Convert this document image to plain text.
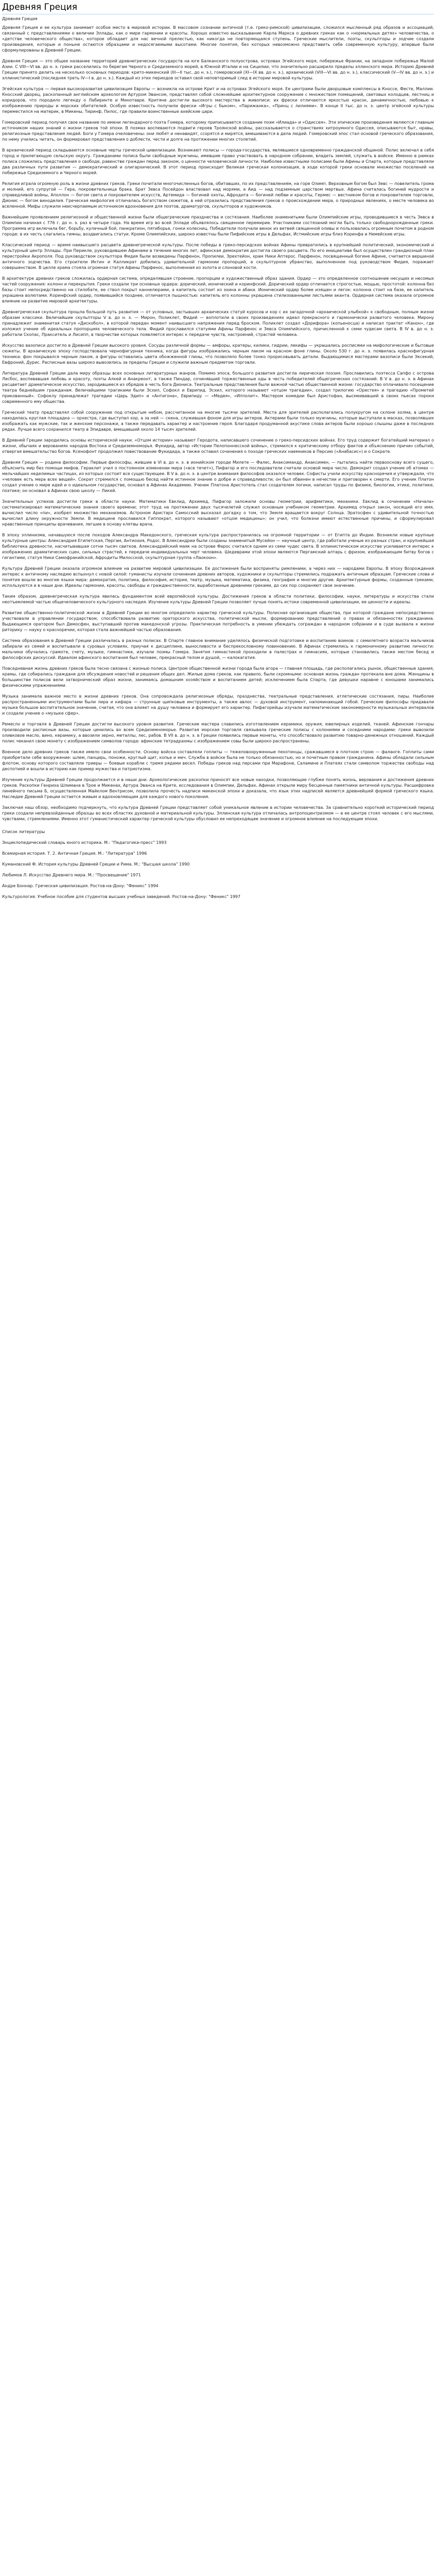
Древняя Греция
Древняя Греция

Древняя Греция и ее культура занимает особое место в мировой истории. В массовом сознании античной (т.е. греко-римской) цивилизации, сложился мысленный ряд образов и ассоциаций, связанный с представлениями о величии Эллады, как о мире гармонии и красоты. Хорошо известно высказывание Карла Маркса о древних греках как о «нормальных детях» человечества, о «детстве человеческого общества», которое обладает для нас вечной прелестью, как никогда не повторяющаяся ступень. Греческие мыслители, поэты, скульпторы и зодчие создали произведения, которые и поныне остаются образцами и недосягаемыми высотами. Многие понятия, без которых невозможно представить себе современную культуру, впервые были сформулированы в Древней Греции.

Древняя Греция — это общее название территорий древнегреческих государств на юге Балканского полуострова, островах Эгейского моря, побережье Фракии, на западном побережье Малой Азии. С VIII—VI вв. до н. э. греки расселились по берегам Черного и Средиземного морей, в Южной Италии и на Сицилии, что значительно расширило пределы эллинского мира. Историю Древней Греции принято делить на несколько основных периодов: крито-микенский (III—II тыс. до н. э.), гомеровский (XI—IX вв. до н. э.), архаический (VIII—VI вв. до н. э.), классический (V—IV вв. до н. э.) и эллинистический (последняя треть IV—I в. до н. э.). Каждый из этих периодов оставил свой неповторимый след в истории мировой культуры.

Эгейская культура — первая высокоразвитая цивилизация Европы — возникла на острове Крит и на островах Эгейского моря. Ее центрами были дворцовые комплексы в Кноссе, Фесте, Маллии. Кносский дворец, раскопанный английским археологом Артуром Эвансом, представлял собой сложнейшее архитектурное сооружение с множеством помещений, световых колодцев, лестниц и коридоров, что породило легенду о Лабиринте и Минотавре. Критяне достигли высокого мастерства в живописи: их фрески отличаются яркостью красок, динамичностью, любовью к изображению природы и морских обитателей. Особую известность получили фрески «Игры с быком», «Парижанка», «Принц с лилиями». В конце II тыс. до н. э. центр эгейской культуры переместился на материк, в Микены, Тиринф, Пилос, где правили воинственные ахейские цари.

Гомеровский период получил свое название по имени легендарного поэта Гомера, которому приписывается создание поэм «Илиада» и «Одиссея». Эти эпические произведения являются главным источником наших знаний о жизни греков той эпохи. В поэмах воспеваются подвиги героев Троянской войны, рассказывается о странствиях хитроумного Одиссея, описываются быт, нравы, религиозные представления людей. Боги у Гомера очеловечены: они любят и ненавидят, ссорятся и мирятся, вмешиваются в дела людей. Гомеровский эпос стал основой греческого образования, по нему учились читать, он формировал представления о доблести, чести и долге на протяжении многих столетий.

В архаический период складываются основные черты греческой цивилизации. Возникают полисы — города-государства, являвшиеся одновременно гражданской общиной. Полис включал в себя город и прилегающую сельскую округу. Гражданами полиса были свободные мужчины, имевшие право участвовать в народном собрании, владеть землей, служить в войске. Именно в рамках полиса сложились представления о свободе, равенстве граждан перед законом, о ценности человеческой личности. Наиболее известными полисами были Афины и Спарта, которые представляли два различных пути развития — демократический и олигархический. В этот период происходит Великая греческая колонизация, в ходе которой греки основали множество поселений на побережье Средиземного и Черного морей.

Религия играла огромную роль в жизни древних греков. Греки почитали многочисленных богов, обитавших, по их представлениям, на горе Олимп. Верховным богом был Зевс — повелитель грома и молний, его супругой — Гера, покровительница брака. Брат Зевса Посейдон властвовал над морями, а Аид — над подземным царством мертвых. Афина считалась богиней мудрости и справедливой войны, Аполлон — богом света и покровителем искусств, Артемида — богиней охоты, Афродита — богиней любви и красоты, Гермес — вестником богов и покровителем торговли, Дионис — богом виноделия. Греческая мифология отличалась богатством сюжетов, в ней отразились представления греков о происхождении мира, о природных явлениях, о месте человека во вселенной. Мифы служили неисчерпаемым источником вдохновения для поэтов, драматургов, скульпторов и художников.

Важнейшим проявлением религиозной и общественной жизни были общегреческие празднества и состязания. Наиболее знаменитыми были Олимпийские игры, проводившиеся в честь Зевса в Олимпии начиная с 776 г. до н. э. раз в четыре года. На время игр во всей Элладе объявлялось священное перемирие. Участниками состязаний могли быть только свободнорожденные греки. Программа игр включала бег, борьбу, кулачный бой, панкратион, пятиборье, гонки колесниц. Победители получали венок из ветвей священной оливы и пользовались огромным почетом в родном городе: в их честь слагались гимны, воздвигались статуи. Кроме Олимпийских, широко известны были Пифийские игры в Дельфах, Истмийские игры близ Коринфа и Немейские игры.

Классический период — время наивысшего расцвета древнегреческой культуры. После победы в греко-персидских войнах Афины превратились в крупнейший политический, экономический и культурный центр Эллады. При Перикле, руководившем Афинами в течение многих лет, афинская демократия достигла своего расцвета. По его инициативе был осуществлен грандиозный план перестройки Акрополя. Под руководством скульптора Фидия были возведены Парфенон, Пропилеи, Эрехтейон, храм Ники Аптерос. Парфенон, посвященный богине Афине, считается вершиной античного зодчества. Его строители Иктин и Калликрат добились удивительной гармонии пропорций, а скульптурное убранство, выполненное под руководством Фидия, поражает совершенством. В целле храма стояла огромная статуя Афины Парфенос, выполненная из золота и слоновой кости.

В архитектуре древних греков сложилась ордерная система, определявшая строение, пропорции и художественный образ здания. Ордер — это определенное соотношение несущих и несомых частей сооружения: колонн и перекрытия. Греки создали три основных ордера: дорический, ионический и коринфский. Дорический ордер отличается строгостью, мощью, простотой: колонна без базы стоит непосредственно на стилобате, ее ствол покрыт каннелюрами, а капитель состоит из эхина и абаки. Ионический ордер более изящен и легок: колонна стоит на базе, ее капитель украшена волютами. Коринфский ордер, появившийся позднее, отличается пышностью: капитель его колонны украшена стилизованными листьями аканта. Ордерная система оказала огромное влияние на развитие мировой архитектуры.

Древнегреческая скульптура прошла большой путь развития — от условных, застывших архаических статуй куросов и кор с их загадочной «архаической улыбкой» к свободным, полным жизни образам классики. Величайшие скульпторы V в. до н. э. — Мирон, Поликлет, Фидий — воплотили в своих произведениях идеал прекрасного и гармонически развитого человека. Мирону принадлежит знаменитая статуя «Дискобол», в которой передан момент наивысшего напряжения перед броском. Поликлет создал «Дорифора» (копьеносца) и написал трактат «Канон», где изложил учение об идеальных пропорциях человеческого тела. Фидий прославился статуями Афины Парфенос и Зевса Олимпийского, причисленной к семи чудесам света. В IV в. до н. э. работали Скопас, Пракситель и Лисипп, в творчестве которых появляется интерес к передаче чувств, настроений, страстей человека.

Искусство вазописи достигло в Древней Греции высокого уровня. Сосуды различной формы — амфоры, кратеры, килики, гидрии, лекифы — украшались росписями на мифологические и бытовые сюжеты. В архаическую эпоху господствовала чернофигурная техника, когда фигуры изображались черным лаком на красном фоне глины. Около 530 г. до н. э. появилась краснофигурная техника: фон покрывался черным лаком, а фигуры оставались цвета обожженной глины, что позволяло более тонко прорисовывать детали. Выдающимися мастерами вазописи были Эксекий, Евфроний, Дурис. Расписные вазы широко вывозились за пределы Греции и служили важным предметом торговли.

Литература Древней Греции дала миру образцы всех основных литературных жанров. Помимо эпоса, большого развития достигла лирическая поэзия. Прославились поэтесса Сапфо с острова Лесбос, воспевавшая любовь и красоту, поэты Алкей и Анакреонт, а также Пиндар, сочинявший торжественные оды в честь победителей общегреческих состязаний. В V в. до н. э. в Афинах расцветает драматическое искусство, зародившееся из обрядов в честь бога Диониса. Театральные представления были важной частью общественной жизни: государство оплачивало посещение театра беднейшим гражданам. Величайшими трагиками были Эсхил, Софокл и Еврипид. Эсхил, которого называют «отцом трагедии», создал трилогию «Орестея» и трагедию «Прометей прикованный». Софоклу принадлежат трагедии «Царь Эдип» и «Антигона», Еврипиду — «Медея», «Ипполит». Мастером комедии был Аристофан, высмеивавший в своих пьесах пороки современного ему общества.

Греческий театр представлял собой сооружение под открытым небом, рассчитанное на многие тысячи зрителей. Места для зрителей располагались полукругом на склоне холма, в центре находилась круглая площадка — орхестра, где выступал хор, а за ней — скена, служившая фоном для игры актеров. Актерами были только мужчины, которые выступали в масках, позволявших изображать как мужские, так и женские персонажи, а также передавать характер и настроение героя. Благодаря продуманной акустике слова актеров были хорошо слышны даже в последних рядах. Лучше всего сохранился театр в Эпидавре, вмещавший около 14 тысяч зрителей.

В Древней Греции зародились основы исторической науки. «Отцом истории» называют Геродота, написавшего сочинение о греко-персидских войнах. Его труд содержит богатейший материал о жизни, обычаях и верованиях народов Востока и Средиземноморья. Фукидид, автор «Истории Пелопоннесской войны», стремился к критическому отбору фактов и объяснению причин событий, отвергая вмешательство богов. Ксенофонт продолжил повествование Фукидида, а также оставил сочинения о походе греческих наемников в Персию («Анабасис») и о Сократе.

Древняя Греция — родина философии. Первые философы, жившие в VI в. до н. э. в ионийском городе Милете — Фалес, Анаксимандр, Анаксимен, — пытались найти первооснову всего сущего, объяснить мир без помощи мифов. Гераклит учил о постоянном изменении мира («все течет»), Пифагор и его последователи считали основой мира число. Демокрит создал учение об атомах — мельчайших неделимых частицах, из которых состоит все существующее. В V в. до н. э. в центре внимания философов оказался человек. Софисты учили искусству красноречия и утверждали, что «человек есть мера всех вещей». Сократ стремился с помощью бесед найти истинное знание о добре и справедливости; он был обвинен в нечестии и приговорен к смерти. Его ученик Платон создал учение о мире идей и о идеальном государстве, основал в Афинах Академию. Ученик Платона Аристотель стал создателем логики, написал труды по физике, биологии, этике, политике, поэтике; он основал в Афинах свою школу — Ликей.

Значительных успехов достигли греки в области науки. Математики Евклид, Архимед, Пифагор заложили основы геометрии, арифметики, механики. Евклид в сочинении «Начала» систематизировал математические знания своего времени; этот труд на протяжении двух тысячелетий служил основным учебником геометрии. Архимед открыл закон, носящий его имя, вычислил число «пи», изобрел множество механизмов. Астроном Аристарх Самосский высказал догадку о том, что Земля вращается вокруг Солнца. Эратосфен с удивительной точностью вычислил длину окружности Земли. В медицине прославился Гиппократ, которого называют «отцом медицины»; он учил, что болезни имеют естественные причины, и сформулировал нравственные принципы врачевания, легшие в основу клятвы врача.

В эпоху эллинизма, начавшуюся после походов Александра Македонского, греческая культура распространилась на огромной территории — от Египта до Индии. Возникли новые крупные культурные центры: Александрия Египетская, Пергам, Антиохия, Родос. В Александрии были созданы знаменитый Мусейон — научный центр, где работали ученые из разных стран, и крупнейшая библиотека древности, насчитывавшая сотни тысяч свитков. Александрийский маяк на острове Фарос считался одним из семи чудес света. В эллинистическом искусстве усиливается интерес к изображению драматических сцен, сильных страстей, к передаче индивидуальных черт человека. Шедеврами этой эпохи являются Пергамский алтарь с фризом, изображающим битву богов с гигантами, статуя Ники Самофракийской, Афродиты Милосской, скульптурная группа «Лаокоон».

Культура Древней Греции оказала огромное влияние на развитие мировой цивилизации. Ее достижения были восприняты римлянами, а через них — народами Европы. В эпоху Возрождения интерес к античному наследию вспыхнул с новой силой: гуманисты изучали сочинения древних авторов, художники и скульпторы стремились подражать античным образцам. Греческие слова и понятия вошли во многие языки мира: демократия, политика, философия, история, театр, музыка, математика, физика, география и многие другие. Архитектурные формы, созданные греками, используются и в наши дни. Идеалы гармонии, красоты, свободы и гражданственности, выработанные древними греками, до сих пор сохраняют свое значение.

Таким образом, древнегреческая культура явилась фундаментом всей европейской культуры. Достижения греков в области политики, философии, науки, литературы и искусства стали неотъемлемой частью общечеловеческого культурного наследия. Изучение культуры Древней Греции позволяет лучше понять истоки современной цивилизации, ее ценности и идеалы.

Развитие общественно-политической жизни в Древней Греции во многом определило характер греческой культуры. Полисная организация общества, при которой граждане непосредственно участвовали в управлении государством, способствовала развитию ораторского искусства, политической мысли, формированию представлений о правах и обязанностях гражданина. Выдающимся оратором был Демосфен, выступавший против македонской угрозы. Практическая потребность в умении убеждать сограждан в народном собрании и в суде вызвала к жизни риторику — науку о красноречии, которая стала важнейшей частью образования.

Система образования в Древней Греции различалась в разных полисах. В Спарте главное внимание уделялось физической подготовке и воспитанию воинов: с семилетнего возраста мальчиков забирали из семей и воспитывали в суровых условиях, приучая к дисциплине, выносливости и беспрекословному повиновению. В Афинах стремились к гармоничному развитию личности: мальчики обучались грамоте, счету, музыке, гимнастике, изучали поэмы Гомера. Занятия гимнастикой проходили в палестрах и гимнасиях, которые становились также местом бесед и философских дискуссий. Идеалом афинского воспитания был человек, прекрасный телом и душой, — калокагатия.

Повседневная жизнь древних греков была тесно связана с жизнью полиса. Центром общественной жизни города была агора — главная площадь, где располагались рынок, общественные здания, храмы, где собирались граждане для обсуждения новостей и решения общих дел. Жилые дома греков, как правило, были скромными: основная жизнь граждан протекала вне дома. Женщины в большинстве полисов вели затворнический образ жизни, занимаясь домашним хозяйством и воспитанием детей; исключением была Спарта, где девушки наравне с юношами занимались физическими упражнениями.

Музыка занимала важное место в жизни древних греков. Она сопровождала религиозные обряды, празднества, театральные представления, атлетические состязания, пиры. Наиболее распространенными инструментами были лира и кифара — струнные щипковые инструменты, а также авлос — духовой инструмент, напоминающий гобой. Греческие философы придавали музыке большое воспитательное значение, считая, что она влияет на душу человека и формирует его характер. Пифагорейцы изучали математические закономерности музыкальных интервалов и создали учение о «музыке сфер».

Ремесло и торговля в Древней Греции достигли высокого уровня развития. Греческие мастера славились изготовлением керамики, оружия, ювелирных изделий, тканей. Афинские гончары производили расписные вазы, которые ценились во всем Средиземноморье. Развитая морская торговля связывала греческие полисы с колониями и соседними народами: греки вывозили оливковое масло, вино, керамику, а ввозили зерно, металлы, лес, рабов. В VII в. до н. э. в Греции появились первые монеты, что способствовало развитию товарно-денежных отношений. Каждый полис чеканил свою монету с изображением символов города: афинские тетрадрахмы с изображением совы были широко распространены.

Военное дело древних греков также имело свои особенности. Основу войска составляли гоплиты — тяжеловооруженные пехотинцы, сражавшиеся в плотном строю — фаланге. Гоплиты сами приобретали себе вооружение: шлем, панцирь, поножи, круглый щит, копье и меч. Служба в войске была не только обязанностью, но и почетным правом гражданина. Афины обладали сильным флотом, основу которого составляли триеры — боевые корабли с тремя рядами весел. Победы греков над персами при Марафоне, Саламине и Платеях стали символом торжества свободы над деспотией и вошли в историю как пример мужества и патриотизма.

Изучение культуры Древней Греции продолжается и в наши дни. Археологические раскопки приносят все новые находки, позволяющие глубже понять жизнь, верования и достижения древних греков. Раскопки Генриха Шлимана в Трое и Микенах, Артура Эванса на Крите, исследования в Олимпии, Дельфах, Афинах открыли миру бесценные памятники античной культуры. Расшифровка линейного письма Б, осуществленная Майклом Вентрисом, позволила прочесть надписи микенской эпохи и доказала, что язык этих надписей является древнейшей формой греческого языка. Наследие Древней Греции остается живым и вдохновляющим для каждого нового поколения.

Заключая наш обзор, необходимо подчеркнуть, что культура Древней Греции представляет собой уникальное явление в истории человечества. За сравнительно короткий исторический период греки создали непревзойденные образцы во всех областях духовной и материальной культуры. Эллинская культура отличалась антропоцентризмом — в ее центре стоял человек с его мыслями, чувствами, стремлениями. Именно этот гуманистический характер греческой культуры обусловил ее непреходящее значение и огромное влияние на последующие эпохи.

Список литературы

Энциклопедический словарь юного историка. М.: "Педагогика-пресс" 1993

Всемирная история. Т. 2. Античная Греция. М.: "Литература" 1996

Кумановский Ф. История культуры Древней Греции и Рима. М.: "Высшая школа" 1990

Любимов Л. Искусство Древнего мира. М.: "Просвещение" 1971

Андре Боннар. Греческая цивилизация. Ростов-на-Дону: "Феникс" 1994

Культурология. Учебное пособие для студентов высших учебных заведений. Ростов-на-Дону: "Феникс" 1997
